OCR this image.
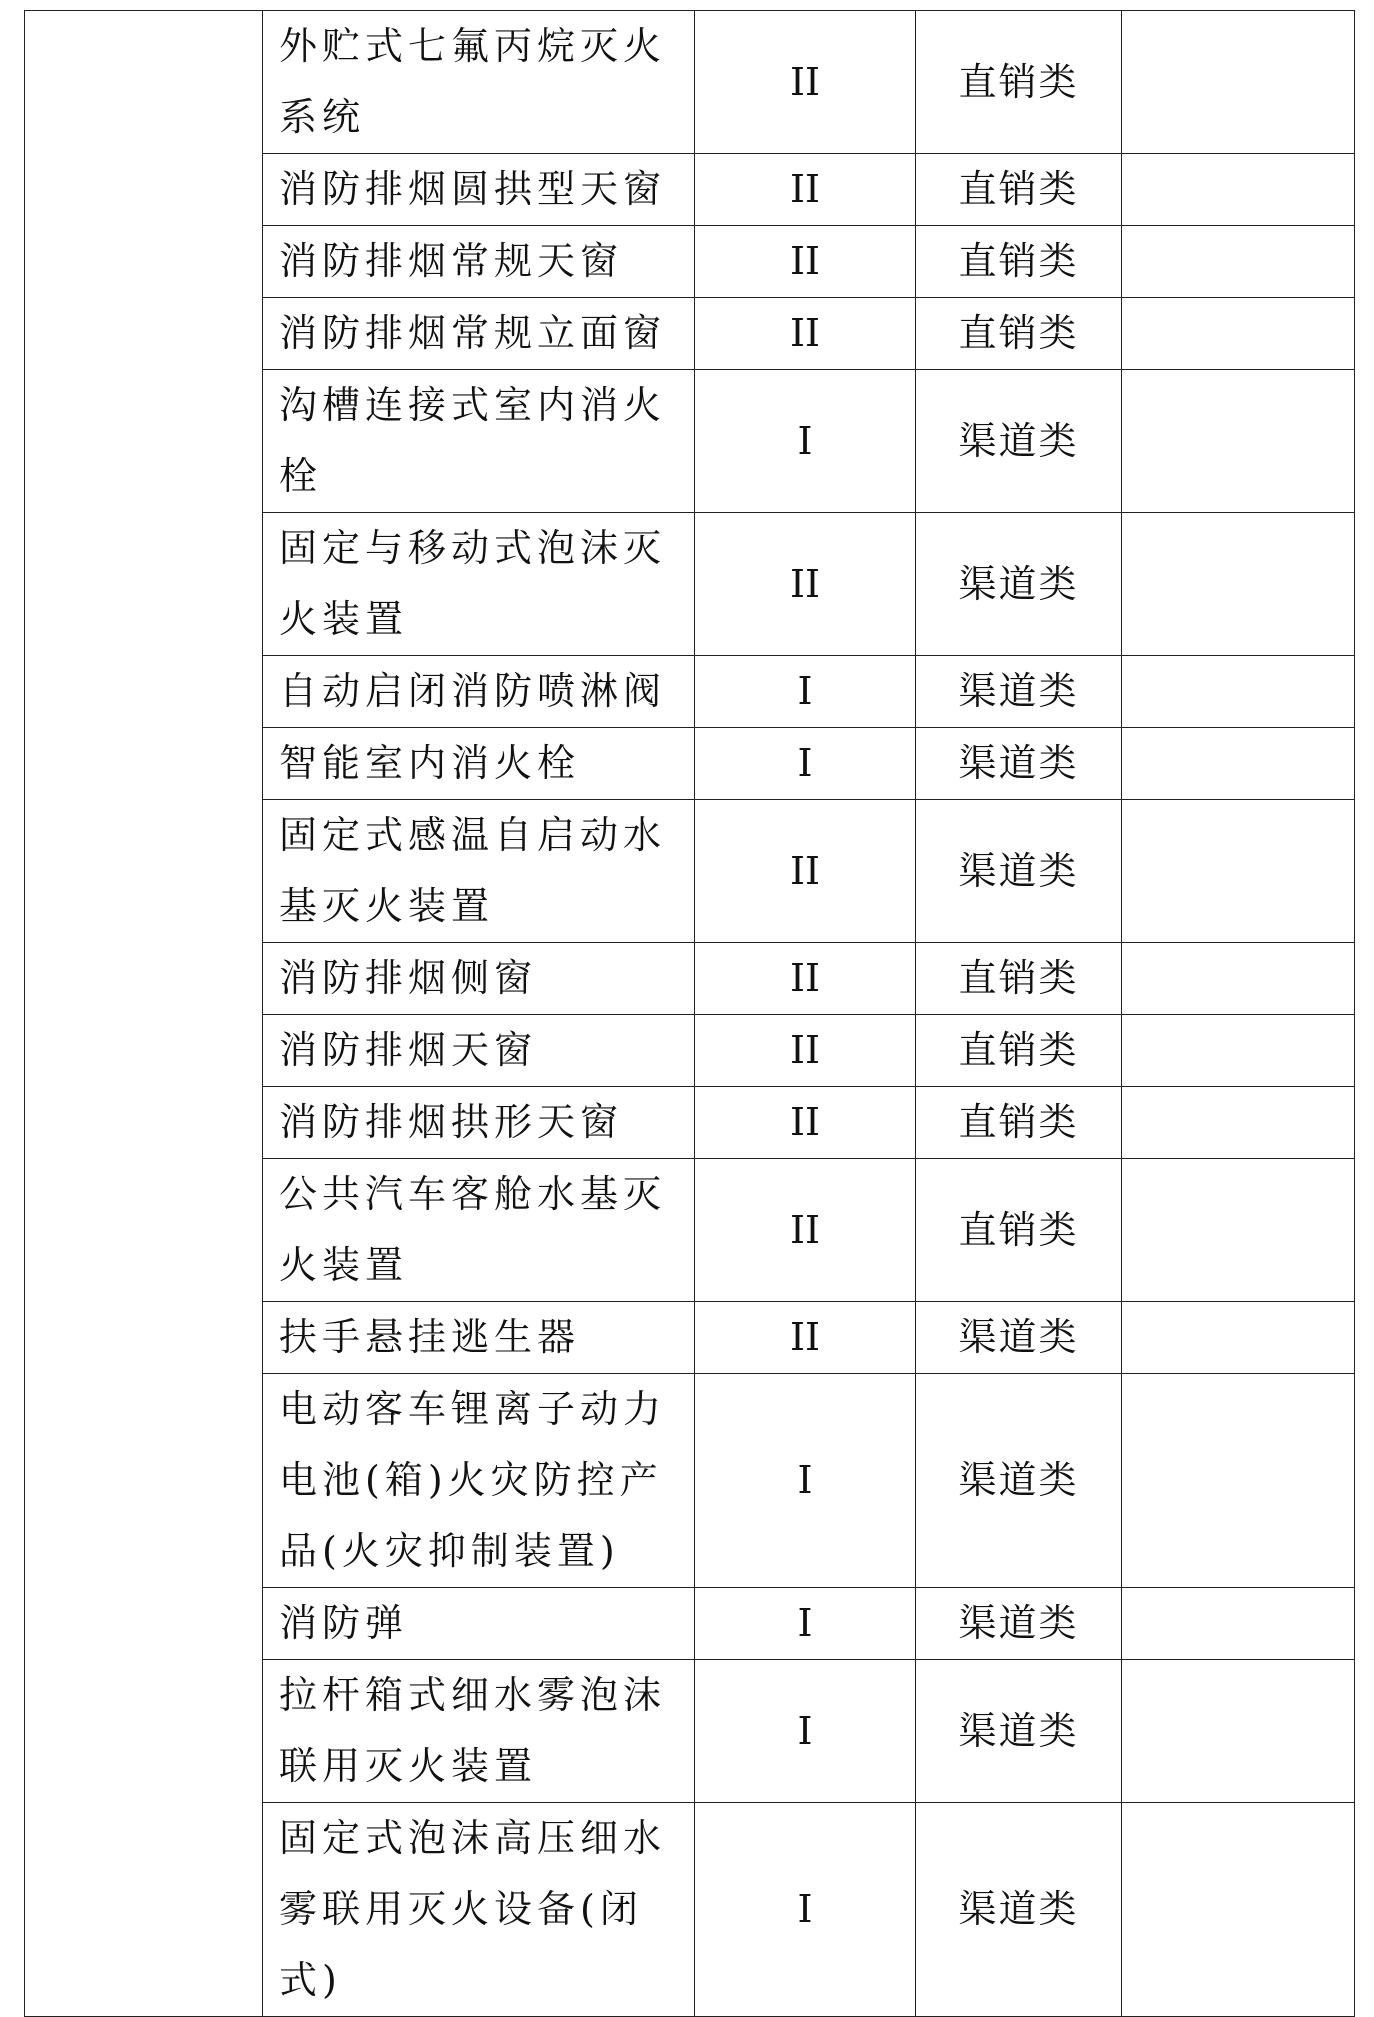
	外贮式七氟丙烷灭火系统	II	直销类	
	消防排烟圆拱型天窗	II	直销类	
	消防排烟常规天窗	II	直销类	
	消防排烟常规立面窗	II	直销类	
	沟槽连接式室内消火栓	I	渠道类	
	固定与移动式泡沫灭火装置	II	渠道类	
	自动启闭消防喷淋阀	I	渠道类	
	智能室内消火栓	I	渠道类	
	固定式感温自启动水基灭火装置	II	渠道类	
	消防排烟侧窗	II	直销类	
	消防排烟天窗	II	直销类	
	消防排烟拱形天窗	II	直销类	
	公共汽车客舱水基灭火装置	II	直销类	
	扶手悬挂逃生器	II	渠道类	
	电动客车锂离子动力电池(箱)火灾防控产品(火灾抑制装置)	I	渠道类	
	消防弹	I	渠道类	
	拉杆箱式细水雾泡沫联用灭火装置	I	渠道类	
	固定式泡沫高压细水雾联用灭火设备(闭式)	I	渠道类	
